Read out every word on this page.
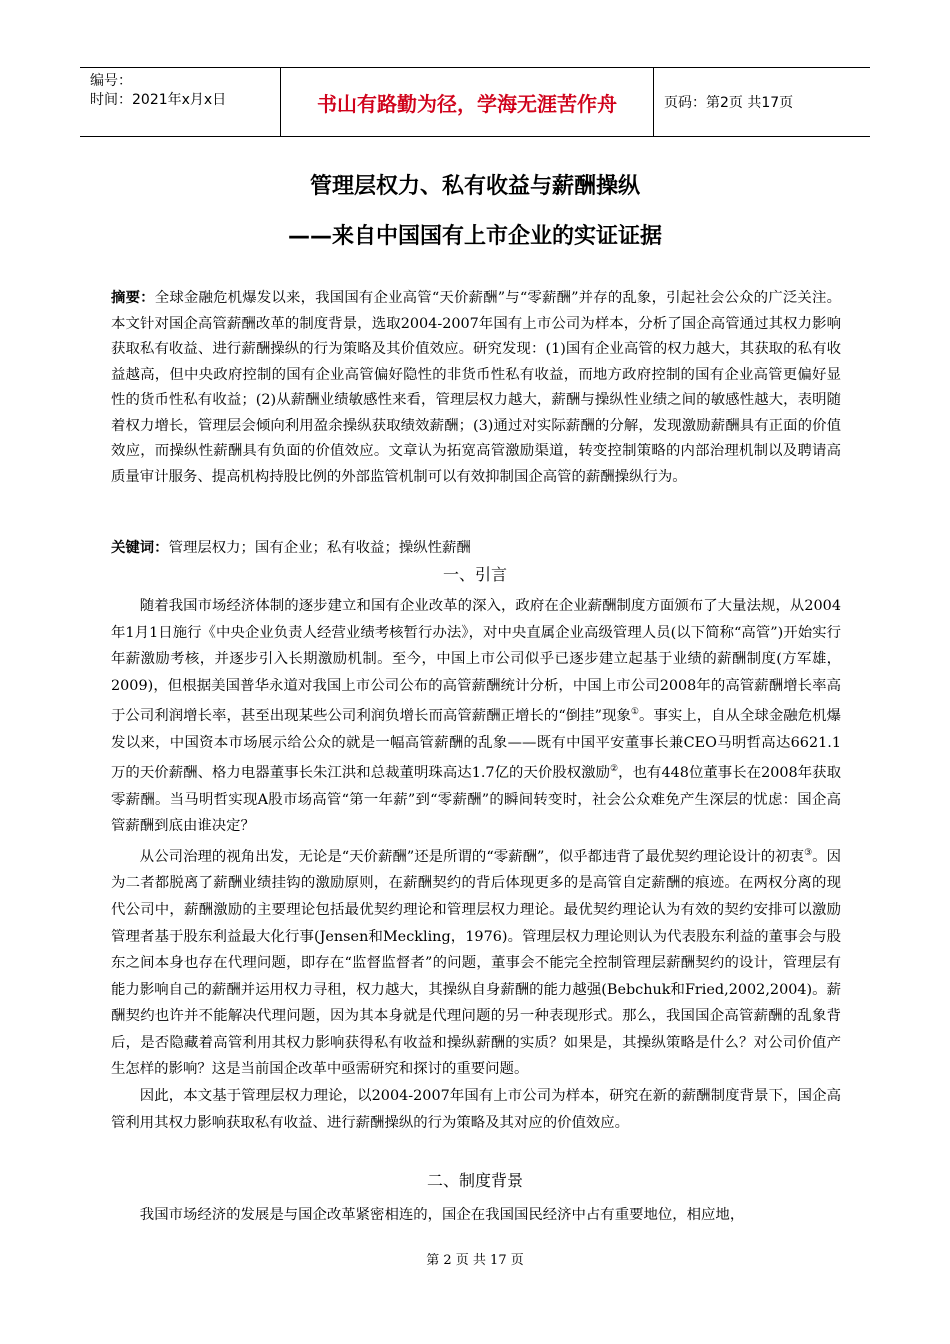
编号：
时间：2021年x月x日	书山有路勤为径，学海无涯苦作舟	页码：第2页 共17页
管理层权力、私有收益与薪酬操纵
——来自中国国有上市企业的实证证据
摘要：全球金融危机爆发以来，我国国有企业高管“天价薪酬”与“零薪酬”并存的乱象，引起社会公众的广泛关注。本文针对国企高管薪酬改革的制度背景，选取2004-2007年国有上市公司为样本，分析了国企高管通过其权力影响获取私有收益、进行薪酬操纵的行为策略及其价值效应。研究发现：(1)国有企业高管的权力越大，其获取的私有收益越高，但中央政府控制的国有企业高管偏好隐性的非货币性私有收益，而地方政府控制的国有企业高管更偏好显性的货币性私有收益；(2)从薪酬业绩敏感性来看，管理层权力越大，薪酬与操纵性业绩之间的敏感性越大，表明随着权力增长，管理层会倾向利用盈余操纵获取绩效薪酬；(3)通过对实际薪酬的分解，发现激励薪酬具有正面的价值效应，而操纵性薪酬具有负面的价值效应。文章认为拓宽高管激励渠道，转变控制策略的内部治理机制以及聘请高质量审计服务、提高机构持股比例的外部监管机制可以有效抑制国企高管的薪酬操纵行为。
关键词：管理层权力；国有企业；私有收益；操纵性薪酬
一、引言

随着我国市场经济体制的逐步建立和国有企业改革的深入，政府在企业薪酬制度方面颁布了大量法规，从2004年1月1日施行《中央企业负责人经营业绩考核暂行办法》，对中央直属企业高级管理人员(以下简称“高管”)开始实行年薪激励考核，并逐步引入长期激励机制。至今，中国上市公司似乎已逐步建立起基于业绩的薪酬制度(方军雄，2009)，但根据美国普华永道对我国上市公司公布的高管薪酬统计分析，中国上市公司2008年的高管薪酬增长率高于公司利润增长率，甚至出现某些公司利润负增长而高管薪酬正增长的“倒挂”现象①。事实上，自从全球金融危机爆发以来，中国资本市场展示给公众的就是一幅高管薪酬的乱象——既有中国平安董事长兼CEO马明哲高达6621.1万的天价薪酬、格力电器董事长朱江洪和总裁董明珠高达1.7亿的天价股权激励②，也有448位董事长在2008年获取零薪酬。当马明哲实现A股市场高管“第一年薪”到“零薪酬”的瞬间转变时，社会公众难免产生深层的忧虑：国企高管薪酬到底由谁决定？

从公司治理的视角出发，无论是“天价薪酬”还是所谓的“零薪酬”，似乎都违背了最优契约理论设计的初衷③。因为二者都脱离了薪酬业绩挂钩的激励原则，在薪酬契约的背后体现更多的是高管自定薪酬的痕迹。在两权分离的现代公司中，薪酬激励的主要理论包括最优契约理论和管理层权力理论。最优契约理论认为有效的契约安排可以激励管理者基于股东利益最大化行事(Jensen和Meckling，1976)。管理层权力理论则认为代表股东利益的董事会与股东之间本身也存在代理问题，即存在“监督监督者”的问题，董事会不能完全控制管理层薪酬契约的设计，管理层有能力影响自己的薪酬并运用权力寻租，权力越大，其操纵自身薪酬的能力越强(Bebchuk和Fried,2002,2004)。薪酬契约也许并不能解决代理问题，因为其本身就是代理问题的另一种表现形式。那么，我国国企高管薪酬的乱象背后，是否隐藏着高管利用其权力影响获得私有收益和操纵薪酬的实质？如果是，其操纵策略是什么？对公司价值产生怎样的影响？这是当前国企改革中亟需研究和探讨的重要问题。

因此，本文基于管理层权力理论，以2004-2007年国有上市公司为样本，研究在新的薪酬制度背景下，国企高管利用其权力影响获取私有收益、进行薪酬操纵的行为策略及其对应的价值效应。

二、制度背景

我国市场经济的发展是与国企改革紧密相连的，国企在我国国民经济中占有重要地位，相应地，

第 2 页 共 17 页
